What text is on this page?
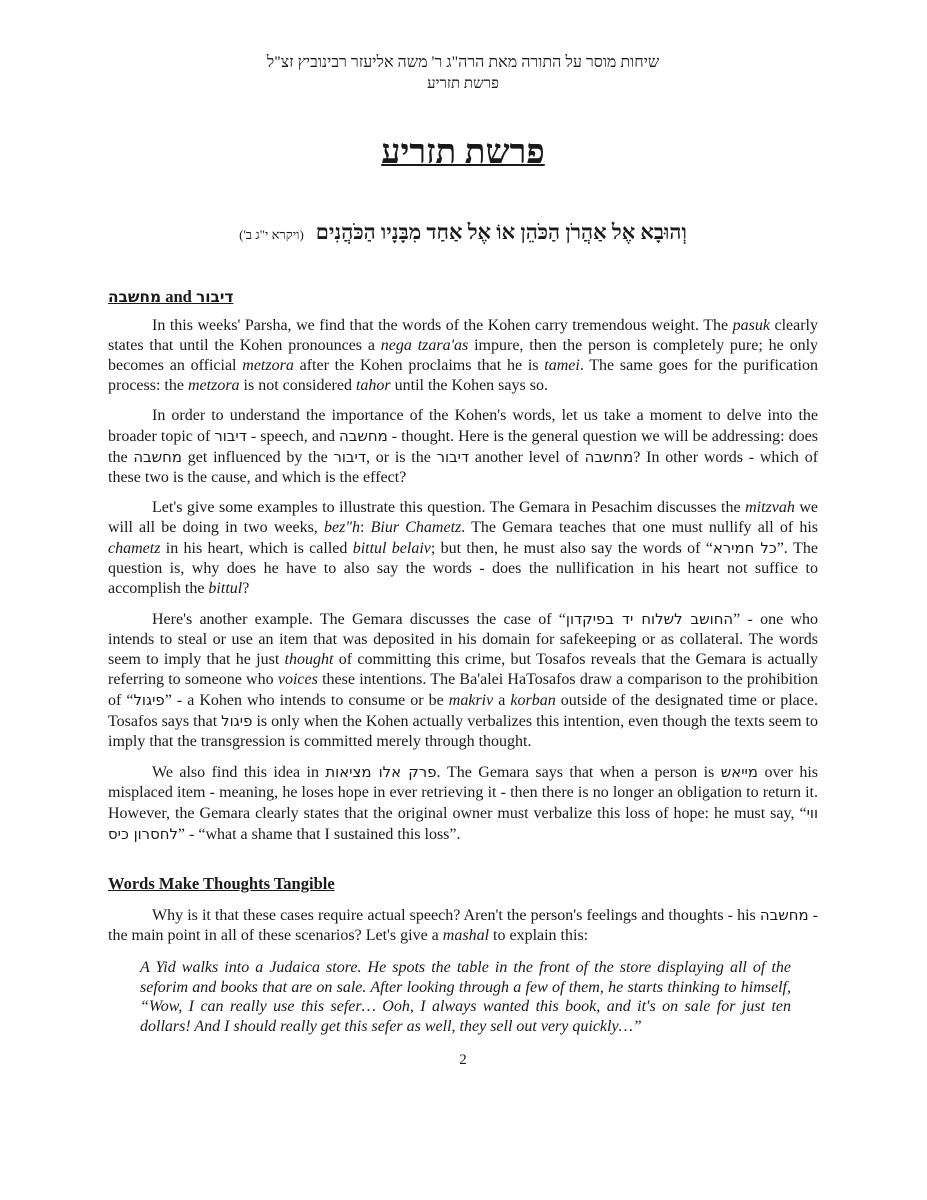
שיחות מוסר על התורה מאת הרה"ג ר' משה אליעזר רבינוביץ זצ"ל
פרשת תזריע
פרשת תזריע
וְהוּבָא אֶל אַהֲרֹן הַכֹּהֵן אוֹ אֶל אַחַד מִבָּנָיו הַכֹּהֲנִים (ויקרא י"ג ב')
מחשבה and דיבור

In this weeks' Parsha, we find that the words of the Kohen carry tremendous weight. The pasuk clearly states that until the Kohen pronounces a nega tzara'as impure, then the person is completely pure; he only becomes an official metzora after the Kohen proclaims that he is tamei. The same goes for the purification process: the metzora is not considered tahor until the Kohen says so.

In order to understand the importance of the Kohen's words, let us take a moment to delve into the broader topic of דיבור - speech, and מחשבה - thought. Here is the general question we will be addressing: does the מחשבה get influenced by the דיבור, or is the דיבור another level of מחשבה? In other words - which of these two is the cause, and which is the effect?

Let's give some examples to illustrate this question. The Gemara in Pesachim discusses the mitzvah we will all be doing in two weeks, bez"h: Biur Chametz. The Gemara teaches that one must nullify all of his chametz in his heart, which is called bittul belaiv; but then, he must also say the words of “כל חמירא”. The question is, why does he have to also say the words - does the nullification in his heart not suffice to accomplish the bittul?

Here's another example. The Gemara discusses the case of “החושב לשלוח יד בפיקדון” - one who intends to steal or use an item that was deposited in his domain for safekeeping or as collateral. The words seem to imply that he just thought of committing this crime, but Tosafos reveals that the Gemara is actually referring to someone who voices these intentions. The Ba'alei HaTosafos draw a comparison to the prohibition of “פיגול” - a Kohen who intends to consume or be makriv a korban outside of the designated time or place. Tosafos says that פיגול is only when the Kohen actually verbalizes this intention, even though the texts seem to imply that the transgression is committed merely through thought.

We also find this idea in פרק אלו מציאות. The Gemara says that when a person is מייאש over his misplaced item - meaning, he loses hope in ever retrieving it - then there is no longer an obligation to return it. However, the Gemara clearly states that the original owner must verbalize this loss of hope: he must say, “ווי לחסרון כיס” - “what a shame that I sustained this loss”.

Words Make Thoughts Tangible

Why is it that these cases require actual speech? Aren't the person's feelings and thoughts - his מחשבה - the main point in all of these scenarios? Let's give a mashal to explain this:

A Yid walks into a Judaica store. He spots the table in the front of the store displaying all of the seforim and books that are on sale. After looking through a few of them, he starts thinking to himself, “Wow, I can really use this sefer… Ooh, I always wanted this book, and it's on sale for just ten dollars! And I should really get this sefer as well, they sell out very quickly…”

2
